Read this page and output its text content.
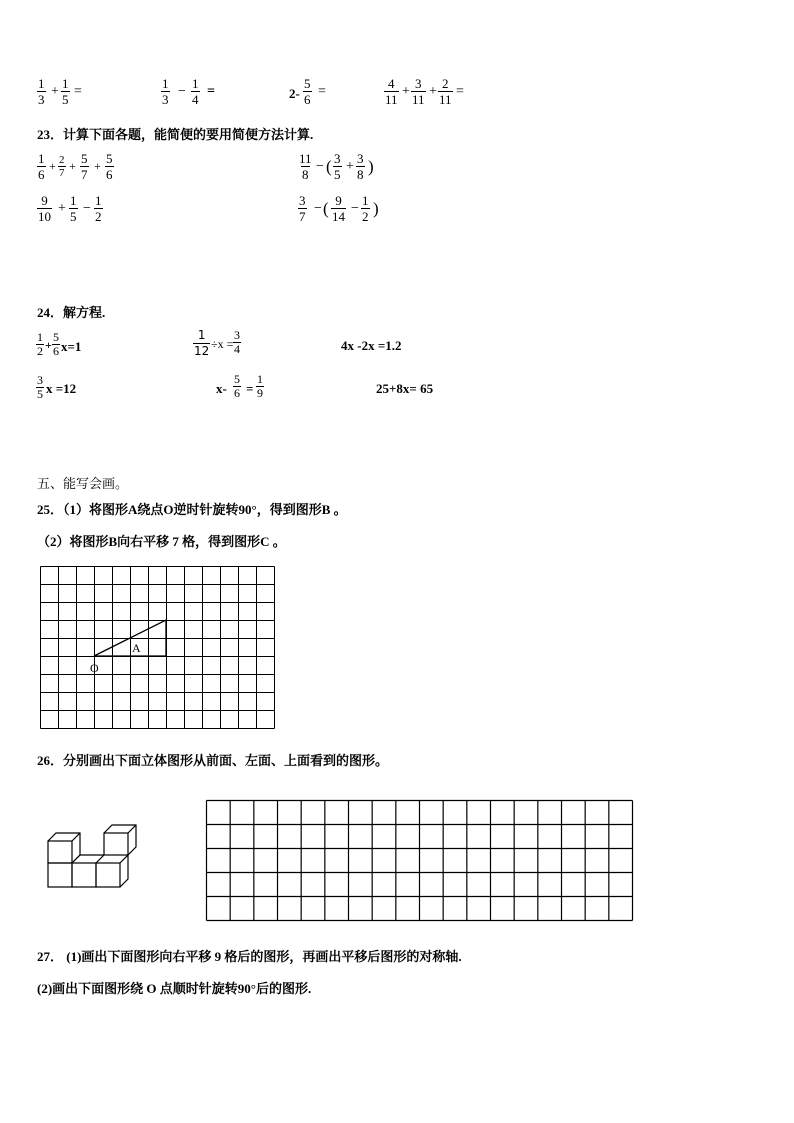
$\frac{1}{3} + \frac{1}{5}$ =	$\frac{1}{3} - \frac{1}{4}$ =	$2- \frac{5}{6}$ =	$\frac{4}{11} + \frac{3}{11} + \frac{2}{11}$ =
23．计算下面各题，能简便的要用简便方法计算.
$\frac{1}{6} + \frac{2}{7} + \frac{5}{7} + \frac{5}{6}$	$\frac{11}{8}$ − ( $\frac{3}{5} + \frac{3}{8}$ )
$\frac{9}{10} + \frac{1}{5} - \frac{1}{2}$	$\frac{3}{7}$ − ( $\frac{9}{14} - \frac{1}{2}$ )
24．解方程.
$\frac{1}{2} + \frac{5}{6} x=1$	$\frac{1}{12} \div x = \frac{3}{4}$	4x -2x =1.2
$\frac{3}{5}$ x =12	$x- \frac{5}{6} = \frac{1}{9}$	25+8x= 65
五、能写会画。
25．（1）将图形A绕点O逆时针旋转90°，得到图形B 。
（2）将图形B向右平移 7 格，得到图形C 。
A
O
26．分别画出下面立体图形从前面、左面、上面看到的图形。
27． (1)画出下面图形向右平移 9 格后的图形，再画出平移后图形的对称轴.
(2)画出下面图形绕 O 点顺时针旋转90°后的图形.
